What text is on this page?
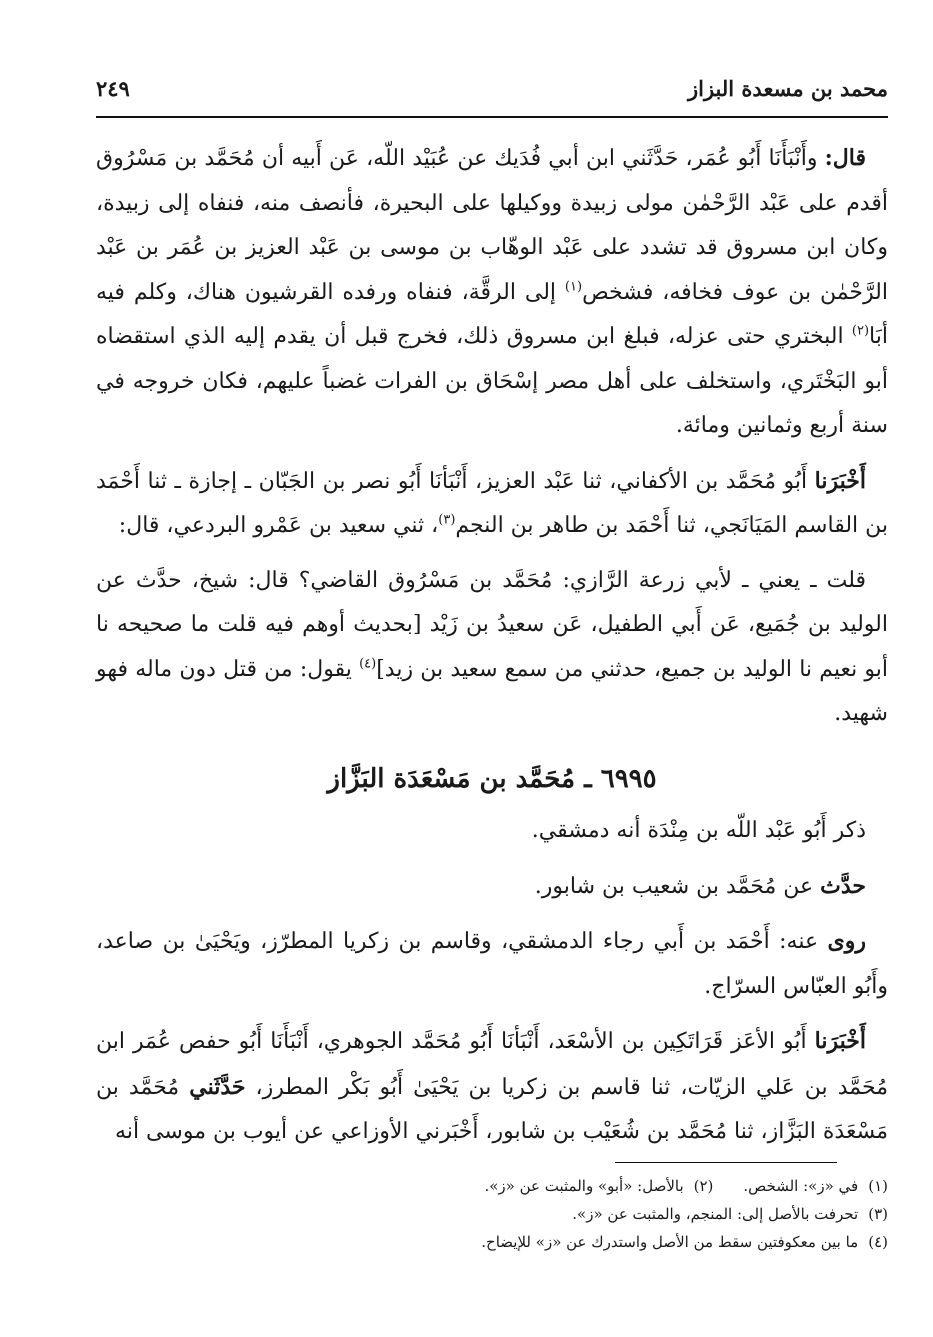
محمد بن مسعدة البزاز
٢٤٩

قال: وأَنْبَأَنَا أَبُو عُمَر، حَدَّثَني ابن أبي فُدَيك عن عُبَيْد اللّه، عَن أَبيه أن مُحَمَّد بن مَسْرُوق أقدم على عَبْد الرَّحْمٰن مولى زبيدة ووكيلها على البحيرة، فأنصف منه، فنفاه إلى زبيدة، وكان ابن مسروق قد تشدد على عَبْد الوهّاب بن موسى بن عَبْد العزيز بن عُمَر بن عَبْد الرَّحْمٰن بن عوف فخافه، فشخص$^{(١)}$ إلى الرقَّة، فنفاه ورفده القرشيون هناك، وكلم فيه أبَا$^{(٢)}$ البختري حتى عزله، فبلغ ابن مسروق ذلك، فخرج قبل أن يقدم إليه الذي استقضاه أبو البَخْتَري، واستخلف على أهل مصر إسْحَاق بن الفرات غضباً عليهم، فكان خروجه في سنة أربع وثمانين ومائة.

أَخْبَرَنا أَبُو مُحَمَّد بن الأكفاني، ثنا عَبْد العزيز، أَنْبَأنَا أَبُو نصر بن الجَبّان ـ إجازة ـ ثنا أَحْمَد بن القاسم المَيَانَجي، ثنا أَحْمَد بن طاهر بن النجم$^{(٣)}$، ثني سعيد بن عَمْرو البردعي، قال:

قلت ـ يعني ـ لأبي زرعة الرَّازي: مُحَمَّد بن مَسْرُوق القاضي؟ قال: شيخ، حدَّث عن الوليد بن جُمَيع، عَن أَبي الطفيل، عَن سعيدُ بن زَيْد [بحديث أوهم فيه قلت ما صحيحه نا أبو نعيم نا الوليد بن جميع، حدثني من سمع سعيد بن زيد]$^{(٤)}$ يقول: من قتل دون ماله فهو شهيد.

٦٩٩٥ ـ مُحَمَّد بن مَسْعَدَة البَزَّاز

ذكر أَبُو عَبْد اللّه بن مِنْدَة أنه دمشقي.

حدَّث عن مُحَمَّد بن شعيب بن شابور.

روى عنه: أَحْمَد بن أَبي رجاء الدمشقي، وقاسم بن زكريا المطرّز، ويَحْيَىٰ بن صاعد، وأَبُو العبّاس السرّاج.

أَخْبَرَنا أَبُو الأعَز قَرَاتَكِين بن الأسْعَد، أَنْبَأنَا أَبُو مُحَمَّد الجوهري، أَنْبَأَنَا أَبُو حفص عُمَر ابن مُحَمَّد بن عَلي الزيّات، ثنا قاسم بن زكريا بن يَحْيَىٰ أَبُو بَكْر المطرز، حَدَّثَني مُحَمَّد بن مَسْعَدَة البَزَّاز، ثنا مُحَمَّد بن شُعَيْب بن شابور، أَخْبَرني الأوزاعي عن أيوب بن موسى أنه

(١)في «ز»: الشخص.
(٢)بالأصل: «أبو» والمثبت عن «ز».
(٣)تحرفت بالأصل إلى: المنجم، والمثبت عن «ز».
(٤)ما بين معكوفتين سقط من الأصل واستدرك عن «ز» للإيضاح.
